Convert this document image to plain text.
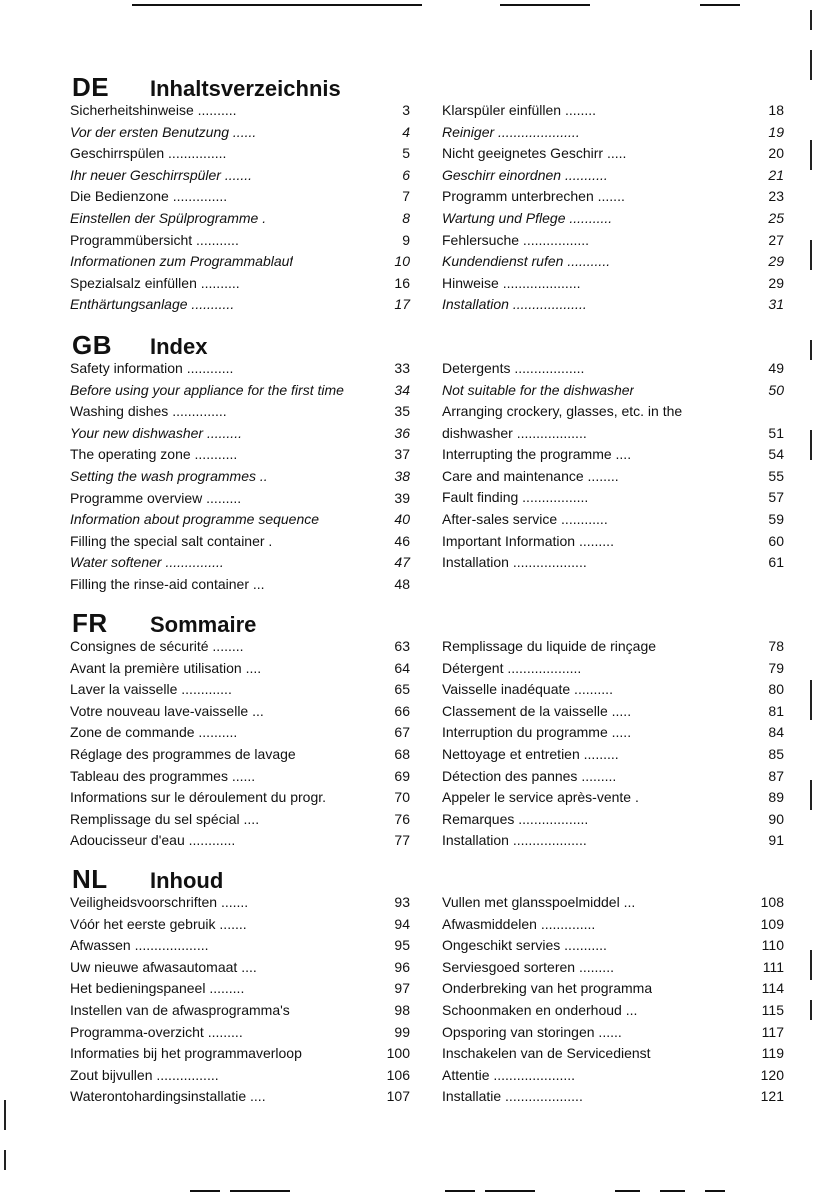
DE Inhaltsverzeichnis
Sicherheitshinweise ..........	3
Vor der ersten Benutzung ......	4
Geschirrspülen ...............	5
Ihr neuer Geschirrspüler .......	6
Die Bedienzone ..............	7
Einstellen der Spülprogramme .	8
Programmübersicht ...........	9
Informationen zum Programmablauf	10
Spezialsalz einfüllen ..........	16
Enthärtungsanlage ...........	17
Klarspüler einfüllen ........	18
Reiniger .....................	19
Nicht geeignetes Geschirr .....	20
Geschirr einordnen ...........	21
Programm unterbrechen .......	23
Wartung und Pflege ...........	25
Fehlersuche .................	27
Kundendienst rufen ...........	29
Hinweise ....................	29
Installation ...................	31
GB Index
Safety information ............	33
Before using your appliance for the first time	34
Washing dishes ..............	35
Your new dishwasher .........	36
The operating zone ...........	37
Setting the wash programmes ..	38
Programme overview .........	39
Information about programme sequence	40
Filling the special salt container .	46
Water softener ...............	47
Filling the rinse-aid container ...	48
Detergents ..................	49
Not suitable for the dishwasher	50
Arranging crockery, glasses, etc. in the dishwasher ..................	51
Interrupting the programme ....	54
Care and maintenance ........	55
Fault finding .................	57
After-sales service ............	59
Important Information .........	60
Installation ...................	61
FR Sommaire
Consignes de sécurité ........	63
Avant la première utilisation ....	64
Laver la vaisselle .............	65
Votre nouveau lave-vaisselle ...	66
Zone de commande ..........	67
Réglage des programmes de lavage	68
Tableau des programmes ......	69
Informations sur le déroulement du progr.	70
Remplissage du sel spécial ....	76
Adoucisseur d'eau ............	77
Remplissage du liquide de rinçage	78
Détergent ...................	79
Vaisselle inadéquate ..........	80
Classement de la vaisselle .....	81
Interruption du programme .....	84
Nettoyage et entretien .........	85
Détection des pannes .........	87
Appeler le service après-vente .	89
Remarques ..................	90
Installation ...................	91
NL Inhoud
Veiligheidsvoorschriften .......	93
Vóór het eerste gebruik .......	94
Afwassen ...................	95
Uw nieuwe afwasautomaat ....	96
Het bedieningspaneel .........	97
Instellen van de afwasprogramma's	98
Programma-overzicht .........	99
Informaties bij het programmaverloop	100
Zout bijvullen ................	106
Waterontohardingsinstallatie ....	107
Vullen met glansspoelmiddel ...	108
Afwasmiddelen ..............	109
Ongeschikt servies ...........	110
Serviesgoed sorteren .........	111
Onderbreking van het programma	114
Schoonmaken en onderhoud ...	115
Opsporing van storingen ......	117
Inschakelen van de Servicedienst	119
Attentie .....................	120
Installatie ....................	121
